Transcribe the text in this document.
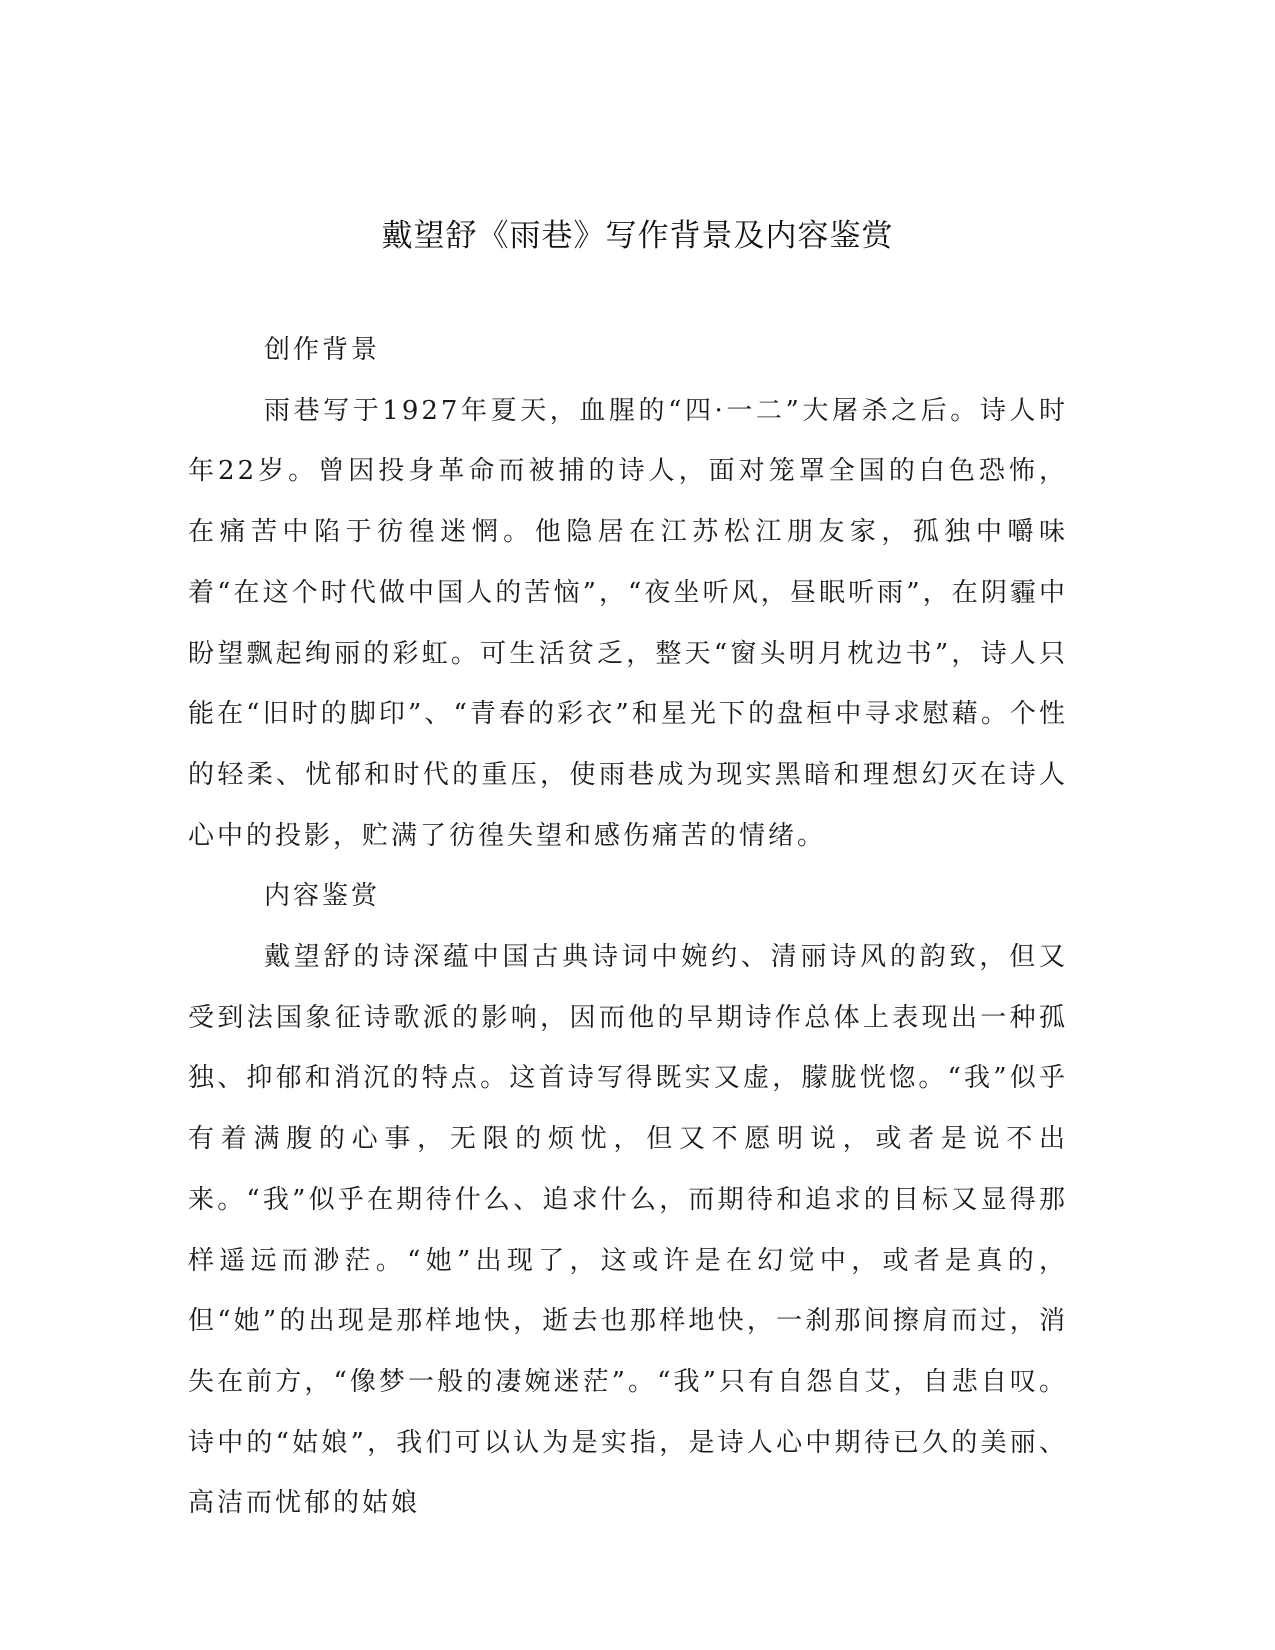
戴望舒《雨巷》写作背景及内容鉴赏

创作背景

雨巷写于1927年夏天，血腥的“四·一二”大屠杀之后。诗人时年22岁。曾因投身革命而被捕的诗人，面对笼罩全国的白色恐怖，在痛苦中陷于彷徨迷惘。他隐居在江苏松江朋友家，孤独中嚼味着“在这个时代做中国人的苦恼”，“夜坐听风，昼眠听雨”，在阴霾中盼望飘起绚丽的彩虹。可生活贫乏，整天“窗头明月枕边书”，诗人只能在“旧时的脚印”、“青春的彩衣”和星光下的盘桓中寻求慰藉。个性的轻柔、忧郁和时代的重压，使雨巷成为现实黑暗和理想幻灭在诗人心中的投影，贮满了彷徨失望和感伤痛苦的情绪。

内容鉴赏

戴望舒的诗深蕴中国古典诗词中婉约、清丽诗风的韵致，但又受到法国象征诗歌派的影响，因而他的早期诗作总体上表现出一种孤独、抑郁和消沉的特点。这首诗写得既实又虚，朦胧恍惚。“我”似乎有着满腹的心事，无限的烦忧，但又不愿明说，或者是说不出来。“我”似乎在期待什么、追求什么，而期待和追求的目标又显得那样遥远而渺茫。“她”出现了，这或许是在幻觉中，或者是真的，但“她”的出现是那样地快，逝去也那样地快，一刹那间擦肩而过，消失在前方，“像梦一般的凄婉迷茫”。“我”只有自怨自艾，自悲自叹。诗中的“姑娘”，我们可以认为是实指，是诗人心中期待已久的美丽、高洁而忧郁的姑娘
